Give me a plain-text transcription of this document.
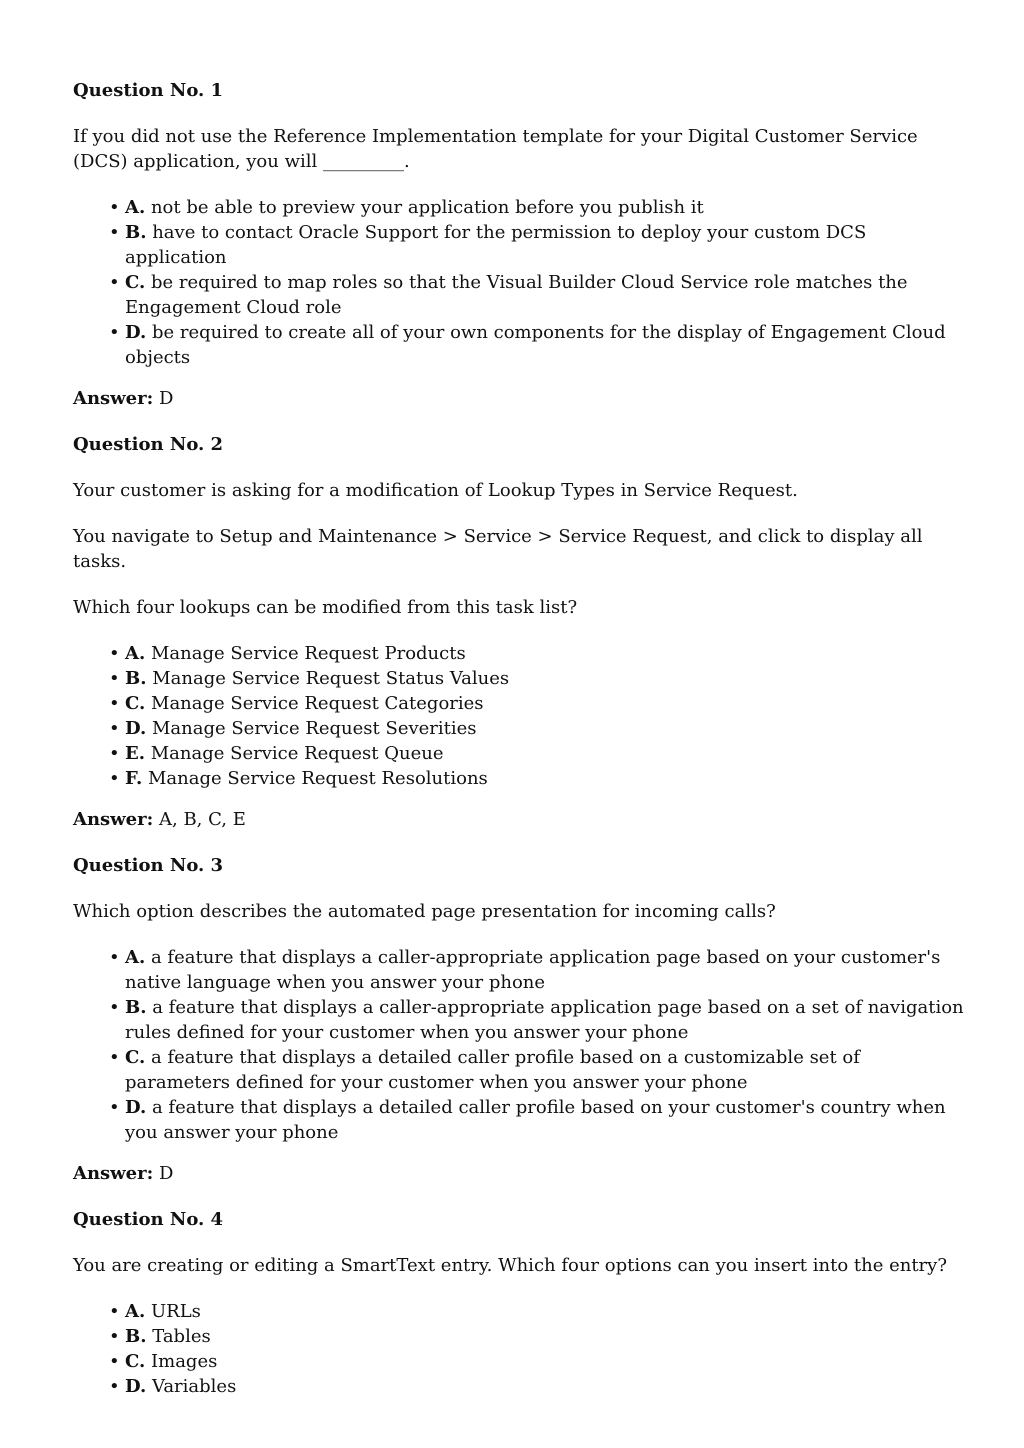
Question No. 1

If you did not use the Reference Implementation template for your Digital Customer Service (DCS) application, you will _________.

• A. not be able to preview your application before you publish it
• B. have to contact Oracle Support for the permission to deploy your custom DCS application
• C. be required to map roles so that the Visual Builder Cloud Service role matches the Engagement Cloud role
• D. be required to create all of your own components for the display of Engagement Cloud objects

Answer: D

Question No. 2

Your customer is asking for a modification of Lookup Types in Service Request.

You navigate to Setup and Maintenance > Service > Service Request, and click to display all tasks.

Which four lookups can be modified from this task list?

• A. Manage Service Request Products
• B. Manage Service Request Status Values
• C. Manage Service Request Categories
• D. Manage Service Request Severities
• E. Manage Service Request Queue
• F. Manage Service Request Resolutions

Answer: A, B, C, E

Question No. 3

Which option describes the automated page presentation for incoming calls?

• A. a feature that displays a caller-appropriate application page based on your customer's native language when you answer your phone
• B. a feature that displays a caller-appropriate application page based on a set of navigation rules defined for your customer when you answer your phone
• C. a feature that displays a detailed caller profile based on a customizable set of parameters defined for your customer when you answer your phone
• D. a feature that displays a detailed caller profile based on your customer's country when you answer your phone

Answer: D

Question No. 4

You are creating or editing a SmartText entry. Which four options can you insert into the entry?

• A. URLs
• B. Tables
• C. Images
• D. Variables
